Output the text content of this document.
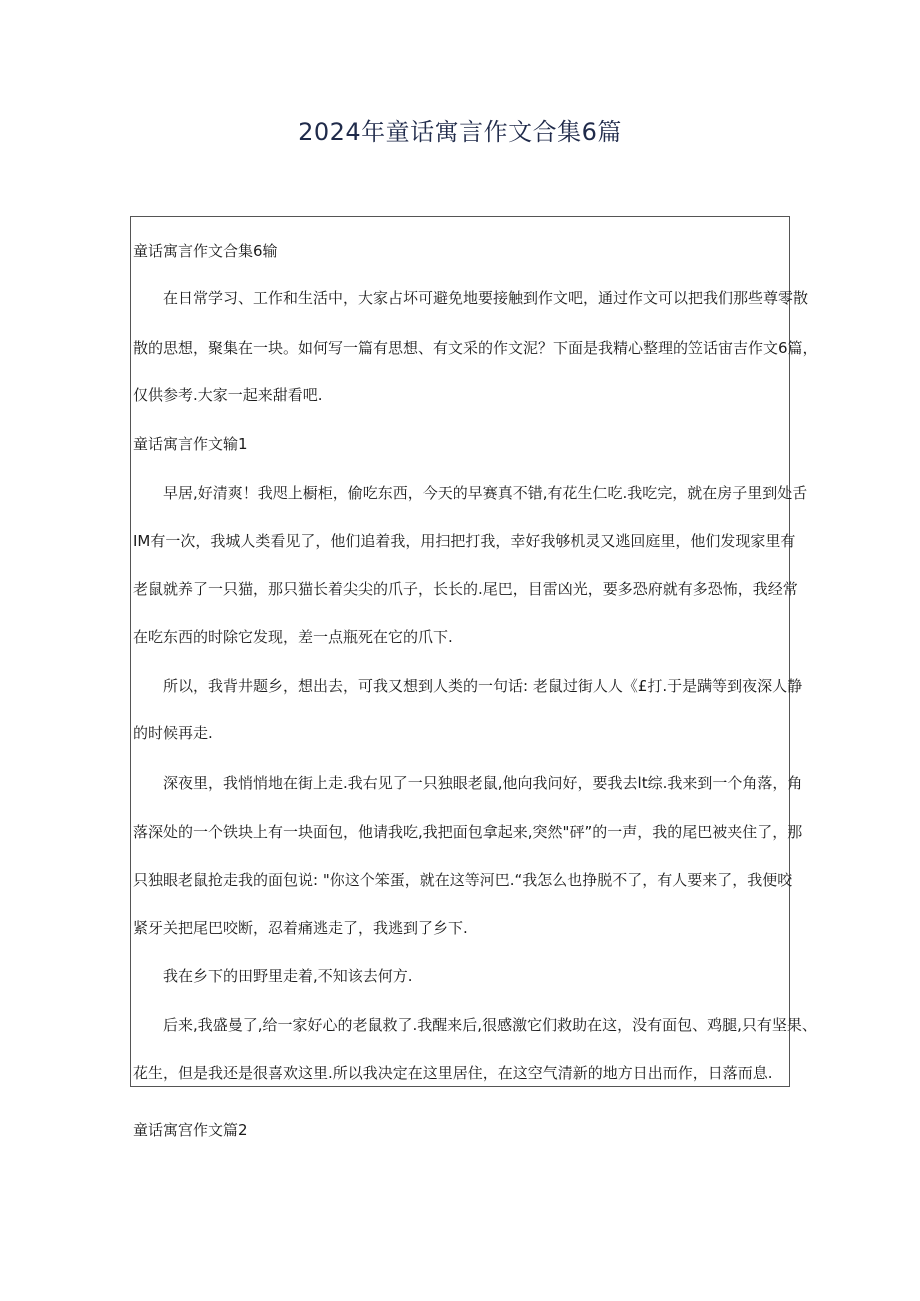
2024年童话寓言作文合集6篇
童话寓言作文合集6输
在日常学习、工作和生活中，大家占坏可避免地要接触到作文吧，通过作文可以把我们那些尊零散
散的思想，聚集在一块。如何写一篇有思想、有文采的作文泥？下面是我精心整理的笠话宙吉作文6篇，
仅供参考.大家一起来甜看吧.
童话寓言作文输1
早居,好清爽！我咫上橱柜，偷吃东西，今天的早赛真不错,有花生仁吃.我吃完，就在房子里到处舌
IM有一次，我城人类看见了，他们追着我，用扫把打我，幸好我够机灵又逃回庭里，他们发现家里有
老鼠就养了一只猫，那只猫长着尖尖的爪子，长长的.尾巴，目雷凶光，要多恐府就有多恐怖，我经常
在吃东西的时除它发现，差一点瓶死在它的爪下.
所以，我背井题乡，想出去，可我又想到人类的一句话: 老鼠过街人人《£打.于是蹒等到夜深人静
的时候再走.
深夜里，我悄悄地在街上走.我右见了一只独眼老鼠,他向我问好，要我去lt综.我来到一个角落，角
落深处的一个铁块上有一块面包，他请我吃,我把面包拿起来,突然"砰”的一声，我的尾巴被夹住了，那
只独眼老鼠抢走我的面包说: "你这个笨蛋，就在这等河巴.“我怎么也挣脱不了，有人要来了，我便咬
紧牙关把尾巴咬断，忍着痛逃走了，我逃到了乡下.
我在乡下的田野里走着,不知该去何方.
后来,我盛曼了,给一家好心的老鼠救了.我醒来后,很感激它们救助在这，没有面包、鸡腿,只有坚果、
花生，但是我还是很喜欢这里.所以我决定在这里居住，在这空气清新的地方日出而作，日落而息.
童话寓宫作文篇2
